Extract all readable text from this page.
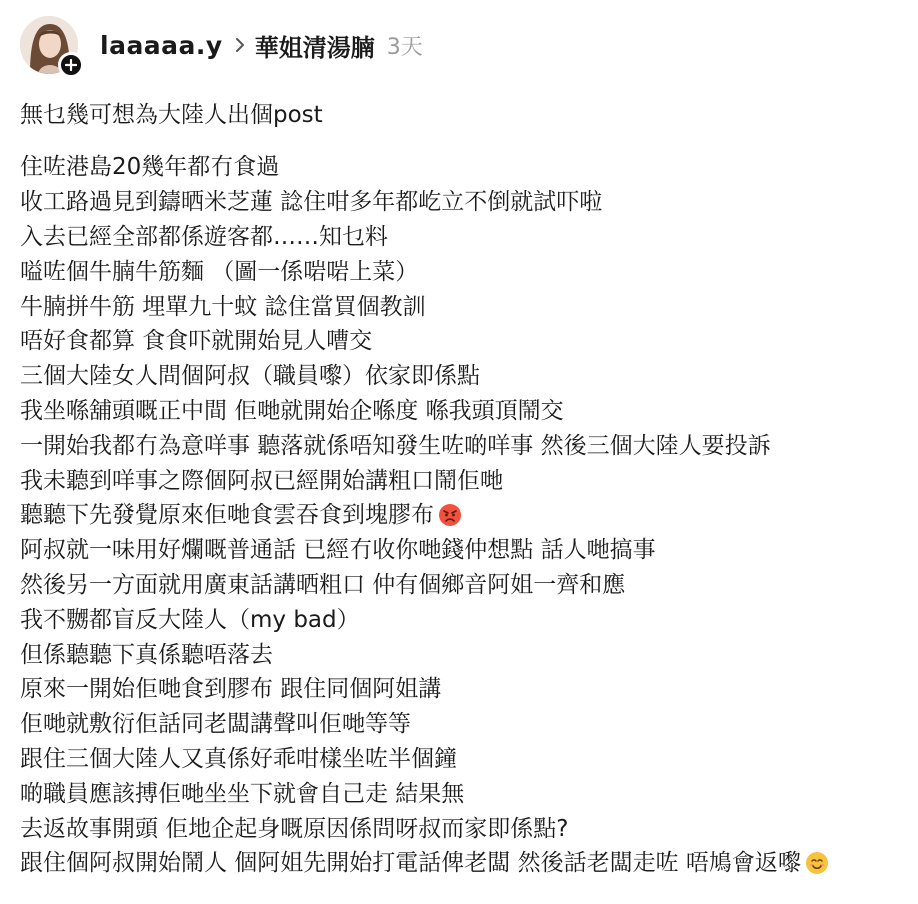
laaaaa.y 華姐清湯腩 3天
無乜幾可想為大陸人出個post
住咗港島20幾年都冇食過
收工路過見到鑄晒米芝蓮 諗住咁多年都屹立不倒就試吓啦
入去已經全部都係遊客都……知乜料
嗌咗個牛腩牛筋麵 （圖一係啱啱上菜）
牛腩拼牛筋 埋單九十蚊 諗住當買個教訓
唔好食都算 食食吓就開始見人嘈交
三個大陸女人問個阿叔（職員嚟）依家即係點
我坐喺舖頭嘅正中間 佢哋就開始企喺度 喺我頭頂鬧交
一開始我都冇為意咩事 聽落就係唔知發生咗啲咩事 然後三個大陸人要投訴
我未聽到咩事之際個阿叔已經開始講粗口鬧佢哋
聽聽下先發覺原來佢哋食雲吞食到塊膠布
阿叔就一味用好爛嘅普通話 已經冇收你哋錢仲想點 話人哋搞事
然後另一方面就用廣東話講晒粗口 仲有個鄉音阿姐一齊和應
我不嬲都盲反大陸人（my bad）
但係聽聽下真係聽唔落去
原來一開始佢哋食到膠布 跟住同個阿姐講
佢哋就敷衍佢話同老闆講聲叫佢哋等等
跟住三個大陸人又真係好乖咁樣坐咗半個鐘
啲職員應該搏佢哋坐坐下就會自己走 結果無
去返故事開頭 佢地企起身嘅原因係問呀叔而家即係點?
跟住個阿叔開始鬧人 個阿姐先開始打電話俾老闆 然後話老闆走咗 唔鳩會返嚟
